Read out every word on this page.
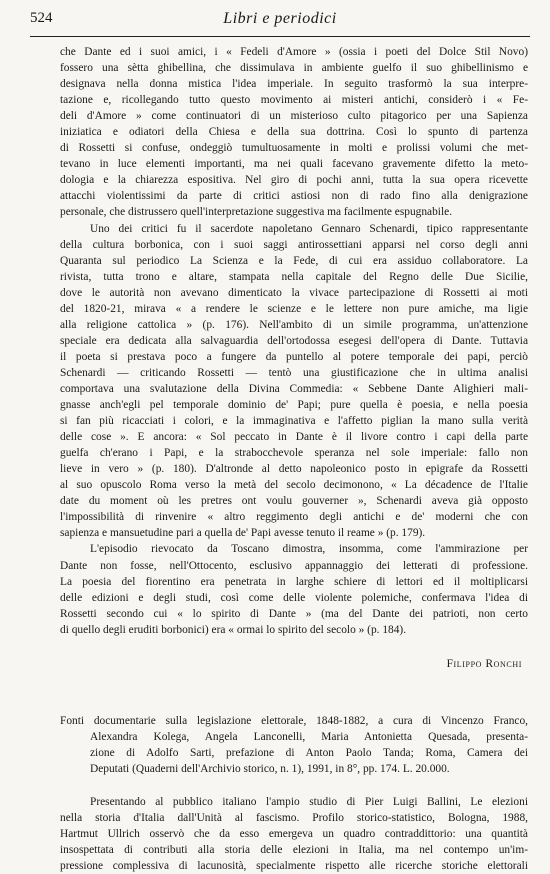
524	Libri e periodici
che Dante ed i suoi amici, i « Fedeli d'Amore » (ossia i poeti del Dolce Stil Novo)
fossero una sètta ghibellina, che dissimulava in ambiente guelfo il suo ghibellinismo e
designava nella donna mistica l'idea imperiale. In seguito trasformò la sua interpre-
tazione e, ricollegando tutto questo movimento ai misteri antichi, considerò i « Fe-
deli d'Amore » come continuatori di un misterioso culto pitagorico per una Sapienza
iniziatica e odiatori della Chiesa e della sua dottrina. Così lo spunto di partenza
di Rossetti si confuse, ondeggiò tumultuosamente in molti e prolissi volumi che met-
tevano in luce elementi importanti, ma nei quali facevano gravemente difetto la meto-
dologia e la chiarezza espositiva. Nel giro di pochi anni, tutta la sua opera ricevette
attacchi violentissimi da parte di critici astiosi non di rado fino alla denigrazione
personale, che distrussero quell'interpretazione suggestiva ma facilmente espugnabile.
Uno dei critici fu il sacerdote napoletano Gennaro Schenardi, tipico rappresentante
della cultura borbonica, con i suoi saggi antirossettiani apparsi nel corso degli anni
Quaranta sul periodico La Scienza e la Fede, di cui era assiduo collaboratore. La
rivista, tutta trono e altare, stampata nella capitale del Regno delle Due Sicilie,
dove le autorità non avevano dimenticato la vivace partecipazione di Rossetti ai moti
del 1820-21, mirava « a rendere le scienze e le lettere non pure amiche, ma ligie
alla religione cattolica » (p. 176). Nell'ambito di un simile programma, un'attenzione
speciale era dedicata alla salvaguardia dell'ortodossa esegesi dell'opera di Dante. Tuttavia
il poeta si prestava poco a fungere da puntello al potere temporale dei papi, perciò
Schenardi — criticando Rossetti — tentò una giustificazione che in ultima analisi
comportava una svalutazione della Divina Commedia: « Sebbene Dante Alighieri mali-
gnasse anch'egli pel temporale dominio de' Papi; pure quella è poesia, e nella poesia
si fan più ricacciati i colori, e la immaginativa e l'affetto piglian la mano sulla verità
delle cose ». E ancora: « Sol peccato in Dante è il livore contro i capi della parte
guelfa ch'erano i Papi, e la strabocchevole speranza nel sole imperiale: fallo non
lieve in vero » (p. 180). D'altronde al detto napoleonico posto in epigrafe da Rossetti
al suo opuscolo Roma verso la metà del secolo decimonono, « La décadence de l'Italie
date du moment où les pretres ont voulu gouverner », Schenardi aveva già opposto
l'impossibilità di rinvenire « altro reggimento degli antichi e de' moderni che con
sapienza e mansuetudine pari a quella de' Papi avesse tenuto il reame » (p. 179).
L'episodio rievocato da Toscano dimostra, insomma, come l'ammirazione per
Dante non fosse, nell'Ottocento, esclusivo appannaggio dei letterati di professione.
La poesia del fiorentino era penetrata in larghe schiere di lettori ed il moltiplicarsi
delle edizioni e degli studi, così come delle violente polemiche, confermava l'idea di
Rossetti secondo cui « lo spirito di Dante » (ma del Dante dei patrioti, non certo
di quello degli eruditi borbonici) era « ormai lo spirito del secolo » (p. 184).
Filippo Ronchi
Fonti documentarie sulla legislazione elettorale, 1848-1882, a cura di Vincenzo Franco,
Alexandra Kolega, Angela Lanconelli, Maria Antonietta Quesada, presenta-
zione di Adolfo Sarti, prefazione di Anton Paolo Tanda; Roma, Camera dei
Deputati (Quaderni dell'Archivio storico, n. 1), 1991, in 8°, pp. 174. L. 20.000.
Presentando al pubblico italiano l'ampio studio di Pier Luigi Ballini, Le elezioni
nella storia d'Italia dall'Unità al fascismo. Profilo storico-statistico, Bologna, 1988,
Hartmut Ullrich osservò che da esso emergeva un quadro contraddittorio: una quantità
insospettata di contributi alla storia delle elezioni in Italia, ma nel contempo un'im-
pressione complessiva di lacunosità, specialmente rispetto alle ricerche storiche elettorali
